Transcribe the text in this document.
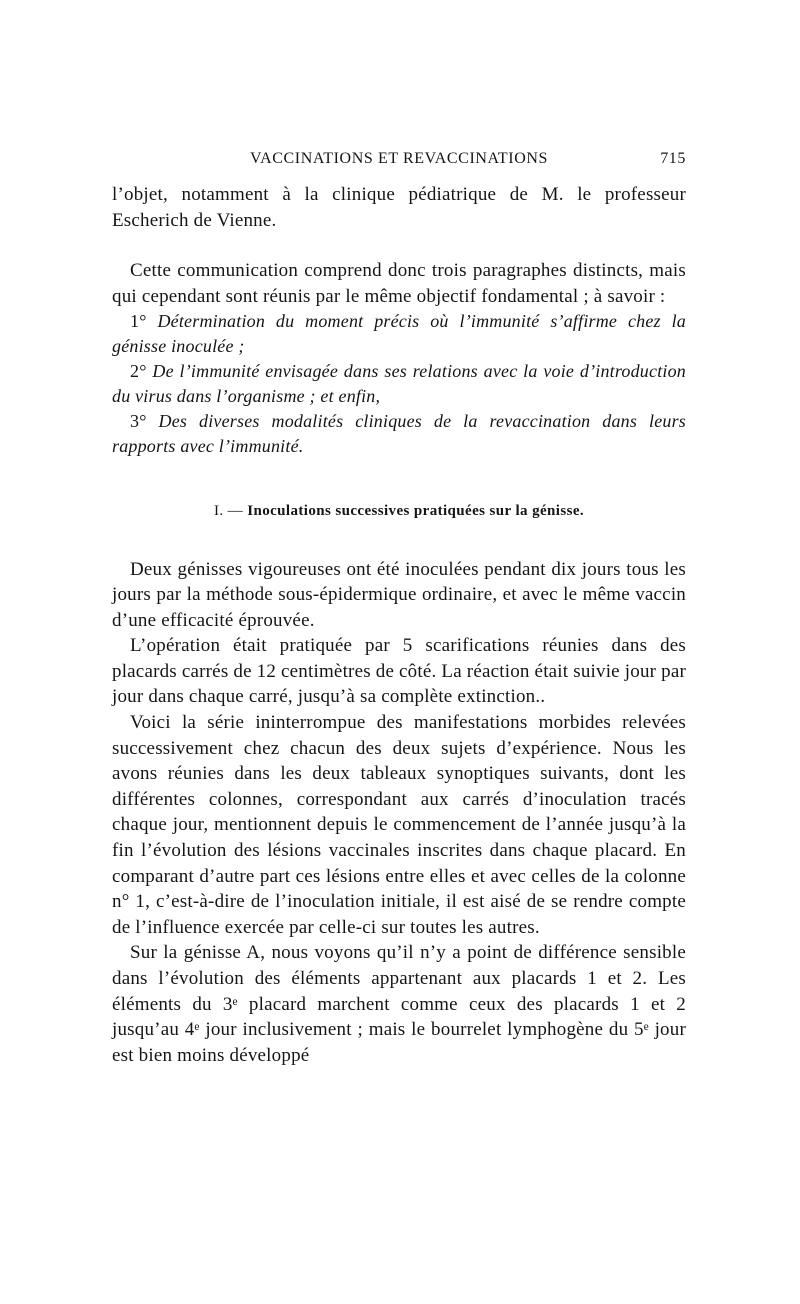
VACCINATIONS ET REVACCINATIONS	715

l’objet, notamment à la clinique pédiatrique de M. le professeur Escherich de Vienne.

Cette communication comprend donc trois paragraphes distincts, mais qui cependant sont réunis par le même objectif fondamental ; à savoir :

1° Détermination du moment précis où l’immunité s’affirme chez la génisse inoculée ;

2° De l’immunité envisagée dans ses relations avec la voie d’introduction du virus dans l’organisme ; et enfin,

3° Des diverses modalités cliniques de la revaccination dans leurs rapports avec l’immunité.

I. — Inoculations successives pratiquées sur la génisse.

Deux génisses vigoureuses ont été inoculées pendant dix jours tous les jours par la méthode sous-épidermique ordinaire, et avec le même vaccin d’une efficacité éprouvée.

L’opération était pratiquée par 5 scarifications réunies dans des placards carrés de 12 centimètres de côté. La réaction était suivie jour par jour dans chaque carré, jusqu’à sa complète extinction..

Voici la série ininterrompue des manifestations morbides relevées successivement chez chacun des deux sujets d’expérience. Nous les avons réunies dans les deux tableaux synoptiques suivants, dont les différentes colonnes, correspondant aux carrés d’inoculation tracés chaque jour, mentionnent depuis le commencement de l’année jusqu’à la fin l’évolution des lésions vaccinales inscrites dans chaque placard. En comparant d’autre part ces lésions entre elles et avec celles de la colonne n° 1, c’est-à-dire de l’inoculation initiale, il est aisé de se rendre compte de l’influence exercée par celle-ci sur toutes les autres.

Sur la génisse A, nous voyons qu’il n’y a point de différence sensible dans l’évolution des éléments appartenant aux placards 1 et 2. Les éléments du 3ᵉ placard marchent comme ceux des placards 1 et 2 jusqu’au 4ᵉ jour inclusivement ; mais le bourrelet lymphogène du 5ᵉ jour est bien moins développé
